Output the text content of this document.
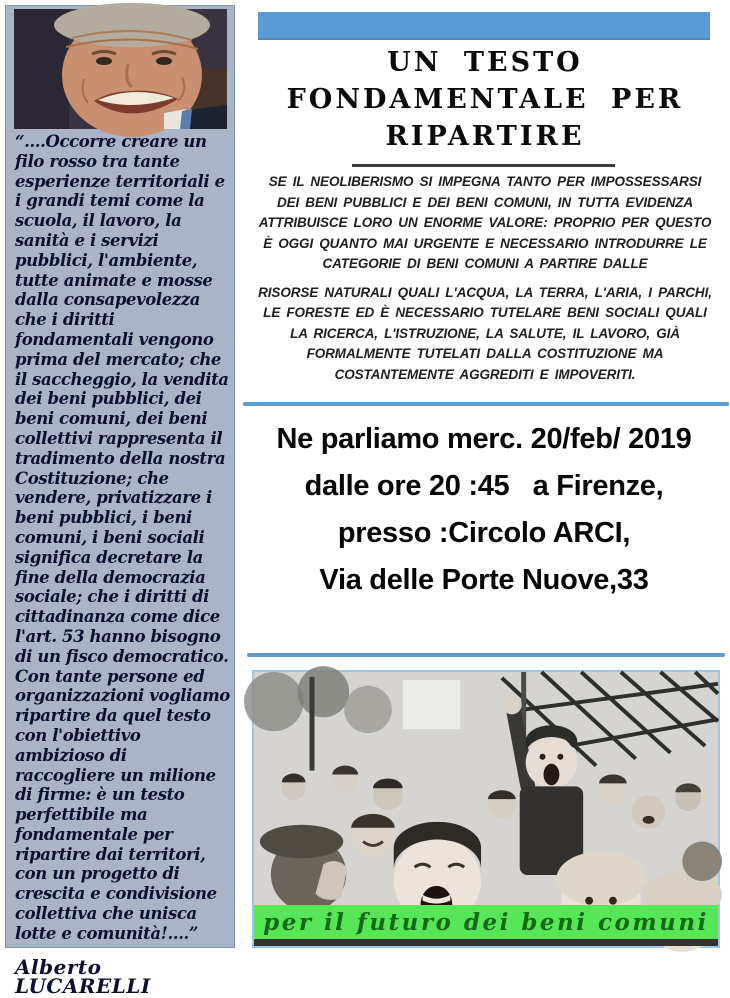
“....Occorre creare un filo rosso tra tante esperienze territoriali e i grandi temi come la scuola, il lavoro, la sanità e i servizi pubblici, l'ambiente, tutte animate e mosse dalla consapevolezza che i diritti fondamentali vengono prima del mercato; che il saccheggio, la vendita dei beni pubblici, dei beni comuni, dei beni collettivi rappresenta il tradimento della nostra Costituzione; che vendere, privatizzare i beni pubblici, i beni comuni, i beni sociali significa decretare la fine della democrazia sociale; che i diritti di cittadinanza come dice l'art. 53 hanno bisogno di un fisco democratico.

Con tante persone ed organizzazioni vogliamo ripartire da quel testo con l'obiettivo ambizioso di raccogliere un milione di firme: è un testo perfettibile ma fondamentale per ripartire dai territori, con un progetto di crescita e condivisione collettiva che unisca lotte e comunità!....”

Alberto LUCARELLI
UN TESTO
FONDAMENTALE PER
RIPARTIRE

SE IL NEOLIBERISMO SI IMPEGNA TANTO PER IMPOSSESSARSI DEI BENI PUBBLICI E DEI BENI COMUNI, IN TUTTA EVIDENZA ATTRIBUISCE LORO UN ENORME VALORE: PROPRIO PER QUESTO È OGGI QUANTO MAI URGENTE E NECESSARIO INTRODURRE LE CATEGORIE DI BENI COMUNI A PARTIRE DALLE

RISORSE NATURALI QUALI L'ACQUA, LA TERRA, L'ARIA, I PARCHI, LE FORESTE ED È NECESSARIO TUTELARE BENI SOCIALI QUALI LA RICERCA, L'ISTRUZIONE, LA SALUTE, IL LAVORO, GIÀ FORMALMENTE TUTELATI DALLA COSTITUZIONE MA COSTANTEMENTE AGGREDITI E IMPOVERITI.

Ne parliamo merc. 20/feb/ 2019
dalle ore 20 :45   a Firenze,
presso :Circolo ARCI,
Via delle Porte Nuove,33
per il futuro dei beni comuni
